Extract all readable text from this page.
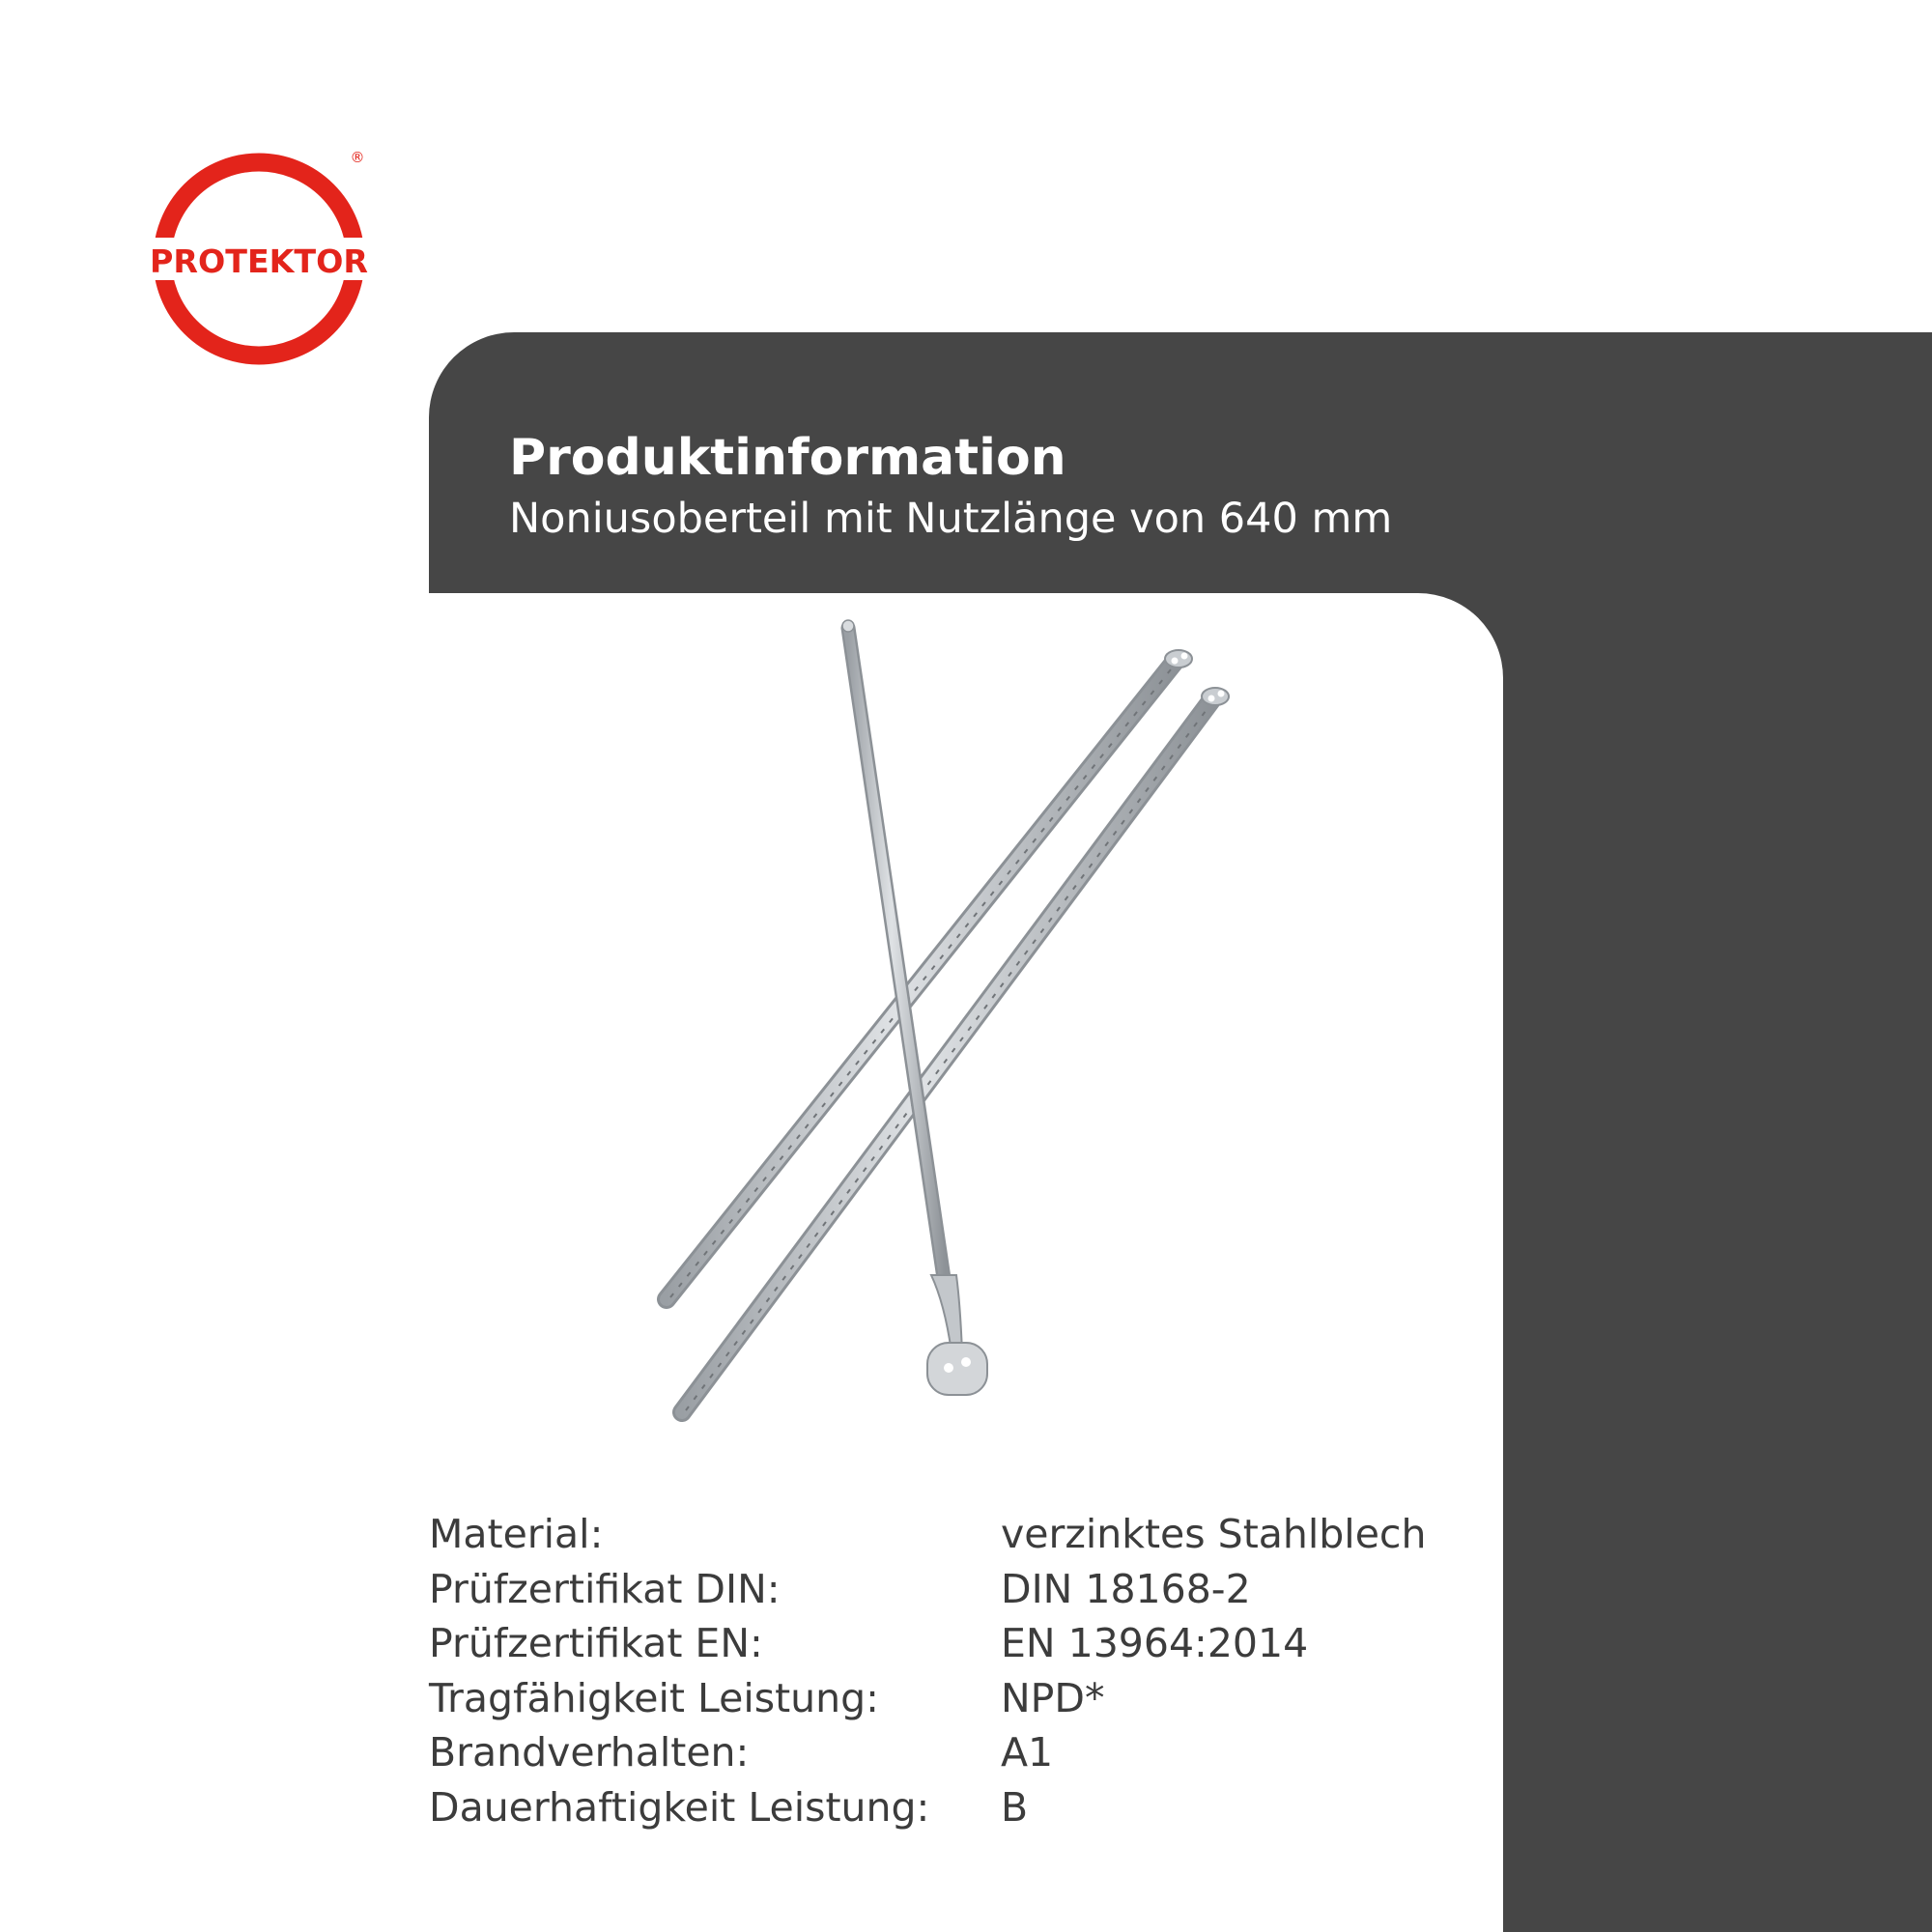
PROTEKTOR
®
Produktinformation

Noniusoberteil mit Nutzlänge von 640 mm

Material:	verzinktes Stahlblech
Prüfzertifikat DIN:	DIN 18168-2
Prüfzertifikat EN:	EN 13964:2014
Tragfähigkeit Leistung:	NPD*
Brandverhalten:	A1
Dauerhaftigkeit Leistung:	B
